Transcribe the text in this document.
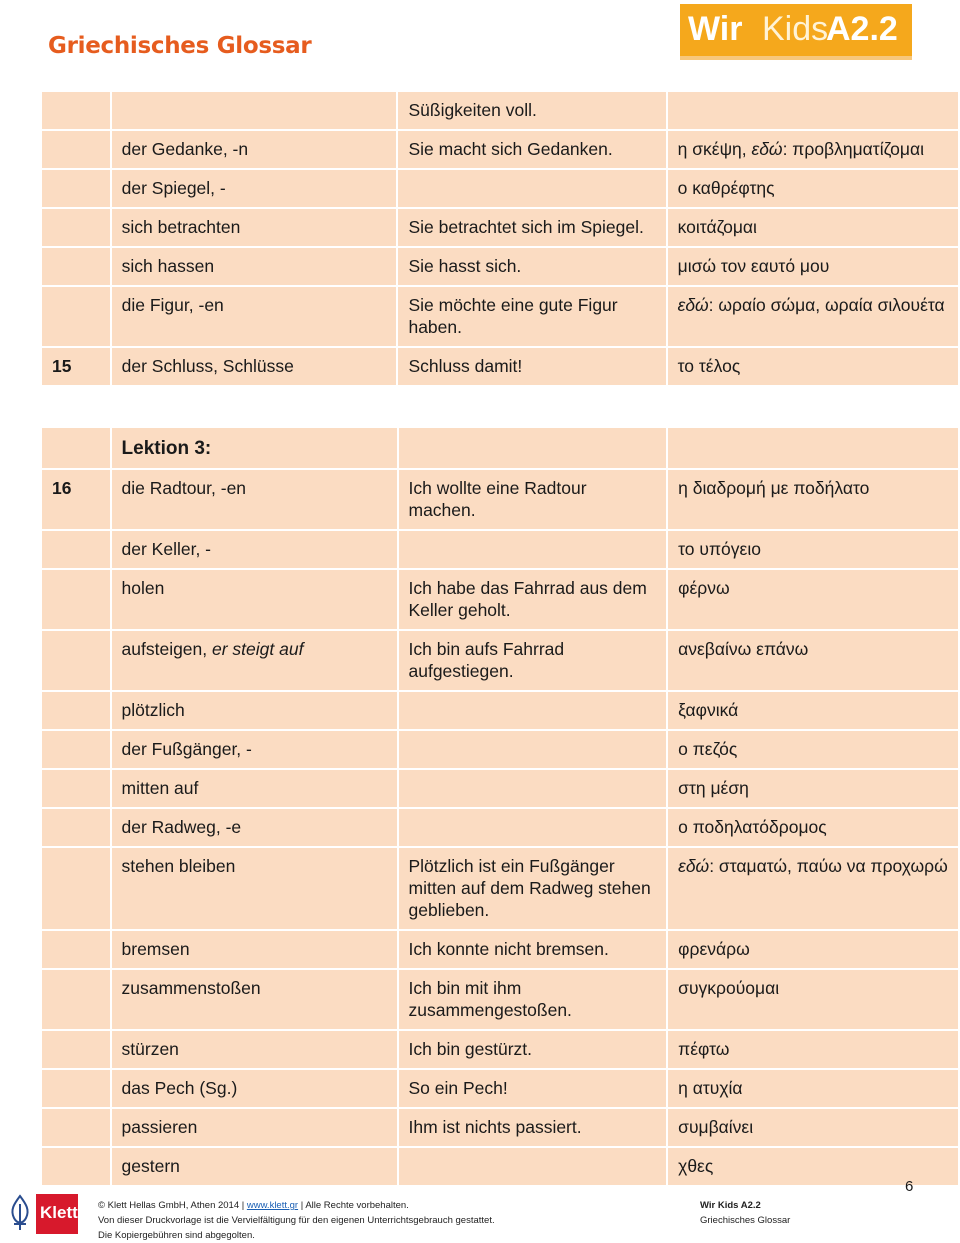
Griechisches Glossar	Wir Kids
A2.2
		Süßigkeiten voll.	
	der Gedanke, -n	Sie macht sich Gedanken.	η σκέψη, εδώ: προβληματίζομαι
	der Spiegel, -		ο καθρέφτης
	sich betrachten	Sie betrachtet sich im Spiegel.	κοιτάζομαι
	sich hassen	Sie hasst sich.	μισώ τον εαυτό μου
	die Figur, -en	Sie möchte eine gute Figur haben.	εδώ: ωραίο σώμα, ωραία σιλουέτα
15	der Schluss, Schlüsse	Schluss damit!	το τέλος
	Lektion 3:		
16	die Radtour, -en	Ich wollte eine Radtour machen.	η διαδρομή με ποδήλατο
	der Keller, -		το υπόγειο
	holen	Ich habe das Fahrrad aus dem Keller geholt.	φέρνω
	aufsteigen, er steigt auf	Ich bin aufs Fahrrad aufgestiegen.	ανεβαίνω επάνω
	plötzlich		ξαφνικά
	der Fußgänger, -		ο πεζός
	mitten auf		στη μέση
	der Radweg, -e		ο ποδηλατόδρομος
	stehen bleiben	Plötzlich ist ein Fußgänger mitten auf dem Radweg stehen geblieben.	εδώ: σταματώ, παύω να προχωρώ
	bremsen	Ich konnte nicht bremsen.	φρενάρω
	zusammenstoßen	Ich bin mit ihm zusammengestoßen.	συγκρούομαι
	stürzen	Ich bin gestürzt.	πέφτω
	das Pech (Sg.)	So ein Pech!	η ατυχία
	passieren	Ihm ist nichts passiert.	συμβαίνει
	gestern		χθες
6
Klett © Klett Hellas GmbH, Athen 2014 | www.klett.gr | Alle Rechte vorbehalten.
Von dieser Druckvorlage ist die Vervielfältigung für den eigenen Unterrichtsgebrauch gestattet.
Die Kopiergebühren sind abgegolten.
Wir Kids A2.2
Griechisches Glossar
